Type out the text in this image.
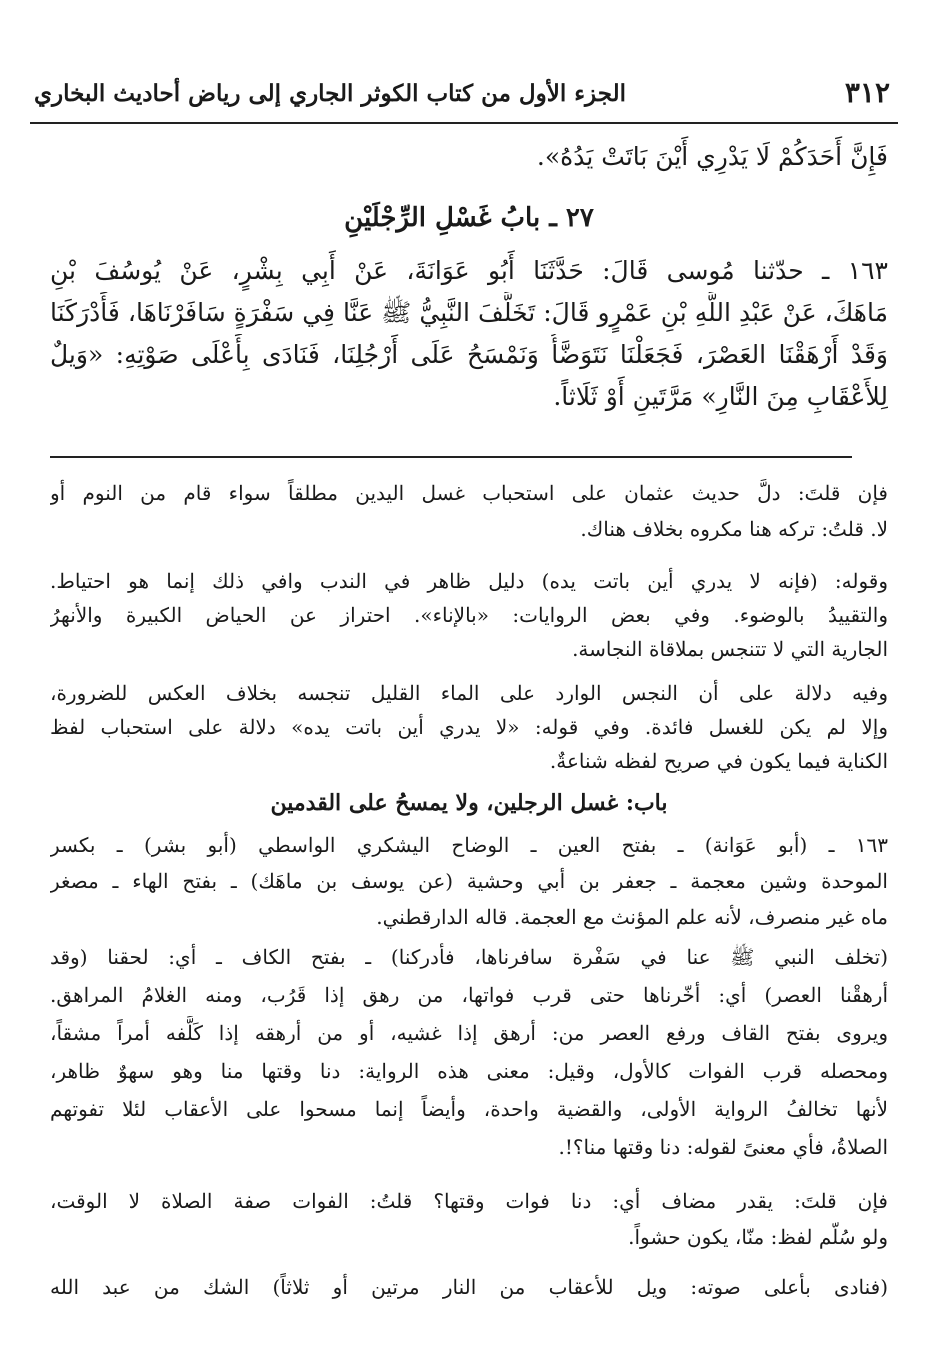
٣١٢
الجزء الأول من كتاب الكوثر الجاري إلى رياض أحاديث البخاري

فَإِنَّ أَحَدَكُمْ لَا يَدْرِي أَيْنَ بَاتَتْ يَدُهُ».

٢٧ ـ بابُ غَسْلِ الرِّجْلَيْنِ

١٦٣ ـ حدّثنا مُوسى قَالَ: حَدَّثَنَا أَبُو عَوَانَةَ، عَنْ أَبِي بِشْرٍ، عَنْ يُوسُفَ بْنِ

مَاهَكَ، عَنْ عَبْدِ اللَّهِ بْنِ عَمْرٍو قَالَ: تَخَلَّفَ النَّبِيُّ ﷺ عَنَّا فِي سَفْرَةٍ سَافَرْنَاهَا، فَأَدْرَكَنَا

وَقَدْ أَرْهَقْنَا العَصْرَ، فَجَعَلْنَا نَتَوَضَّأُ وَنَمْسَحُ عَلَى أَرْجُلِنَا، فَنَادَى بِأَعْلَى صَوْتِهِ: «وَيلٌ

لِلأَعْقَابِ مِنَ النَّارِ» مَرَّتَينِ أَوْ ثَلَاثاً.

فإن قلتَ: دلَّ حديث عثمان على استحباب غسل اليدين مطلقاً سواء قام من النوم أو

لا. قلتُ: تركه هنا مكروه بخلاف هناك.

وقوله: (فإنه لا يدري أين باتت يده) دليل ظاهر في الندب وافي ذلك إنما هو احتياط.

والتقييدُ بالوضوء. وفي بعض الروايات: «بالإناء». احتراز عن الحياض الكبيرة والأنهرُ

الجارية التي لا تتنجس بملاقاة النجاسة.

وفيه دلالة على أن النجس الوارد على الماء القليل تنجسه بخلاف العكس للضرورة،

وإلا لم يكن للغسل فائدة. وفي قوله: «لا يدري أين باتت يده» دلالة على استحباب لفظ

الكناية فيما يكون في صريح لفظه شناعةٌ.

باب: غسل الرجلين، ولا يمسحُ على القدمين

١٦٣ ـ (أبو عَوَانة) ـ بفتح العين ـ الوضاح اليشكري الواسطي (أبو بشر) ـ بكسر

الموحدة وشين معجمة ـ جعفر بن أبي وحشية (عن يوسف بن ماهَك) ـ بفتح الهاء ـ مصغر

ماه غير منصرف، لأنه علم المؤنث مع العجمة. قاله الدارقطني.

(تخلف النبي ﷺ عنا في سَفْرة سافرناها، فأدركنا) ـ بفتح الكاف ـ أي: لحقنا (وقد

أرهقْنا العصر) أي: أخّرناها حتى قرب فواتها، من رهق إذا قَرُب، ومنه الغلامُ المراهق.

ويروى بفتح القاف ورفع العصر من: أرهق إذا غشيه، أو من أرهقه إذا كَلَّفه أمراً مشقاً،

ومحصله قرب الفوات كالأول، وقيل: معنى هذه الرواية: دنا وقتها منا وهو سهوٌ ظاهر،

لأنها تخالفُ الرواية الأولى، والقضية واحدة، وأيضاً إنما مسحوا على الأعقاب لئلا تفوتهم

الصلاةُ، فأي معنىً لقوله: دنا وقتها منا؟!.

فإن قلتَ: يقدر مضاف أي: دنا فوات وقتها؟ قلتُ: الفوات صفة الصلاة لا الوقت،

ولو سُلّم لفظ: منّا، يكون حشواً.

(فنادى بأعلى صوته: ويل للأعقاب من النار مرتين أو ثلاثاً) الشك من عبد الله
